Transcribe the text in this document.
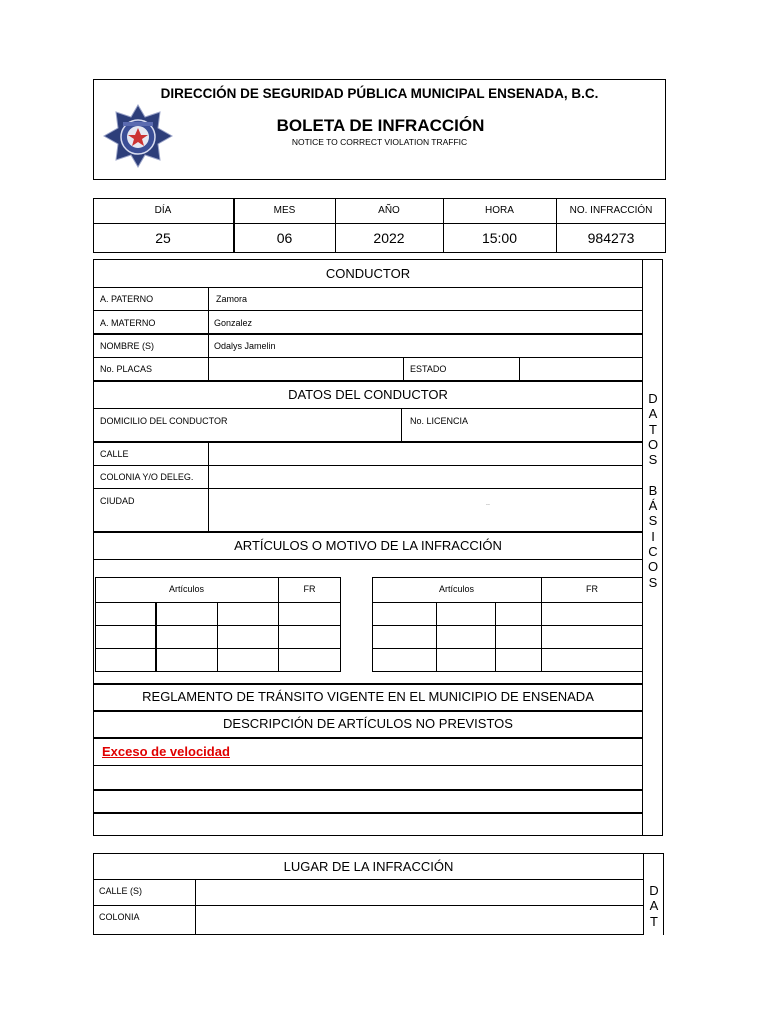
DIRECCIÓN DE SEGURIDAD PÚBLICA MUNICIPAL ENSENADA, B.C.
BOLETA DE INFRACCIÓN
NOTICE TO CORRECT VIOLATION TRAFFIC
DÍA	MES	AÑO	HORA	NO. INFRACCIÓN
25	06	2022	15:00	984273
D
A
T
O
S

B
Á
S
I
C
O
S
CONDUCTOR
A. PATERNO	Zamora
A. MATERNO	Gonzalez
NOMBRE (S)	Odalys Jamelin
No. PLACAS	ESTADO
DATOS DEL CONDUCTOR
DOMICILIO DEL CONDUCTOR	No. LICENCIA
CALLE
COLONIA Y/O DELEG.
CIUDAD	..
ARTÍCULOS O MOTIVO DE LA INFRACCIÓN
Artículos	FR	Artículos	FR
REGLAMENTO DE TRÁNSITO VIGENTE EN EL MUNICIPIO DE ENSENADA
DESCRIPCIÓN DE ARTÍCULOS NO PREVISTOS
Exceso de velocidad
D
A
T
LUGAR DE LA INFRACCIÓN
CALLE (S)
COLONIA
